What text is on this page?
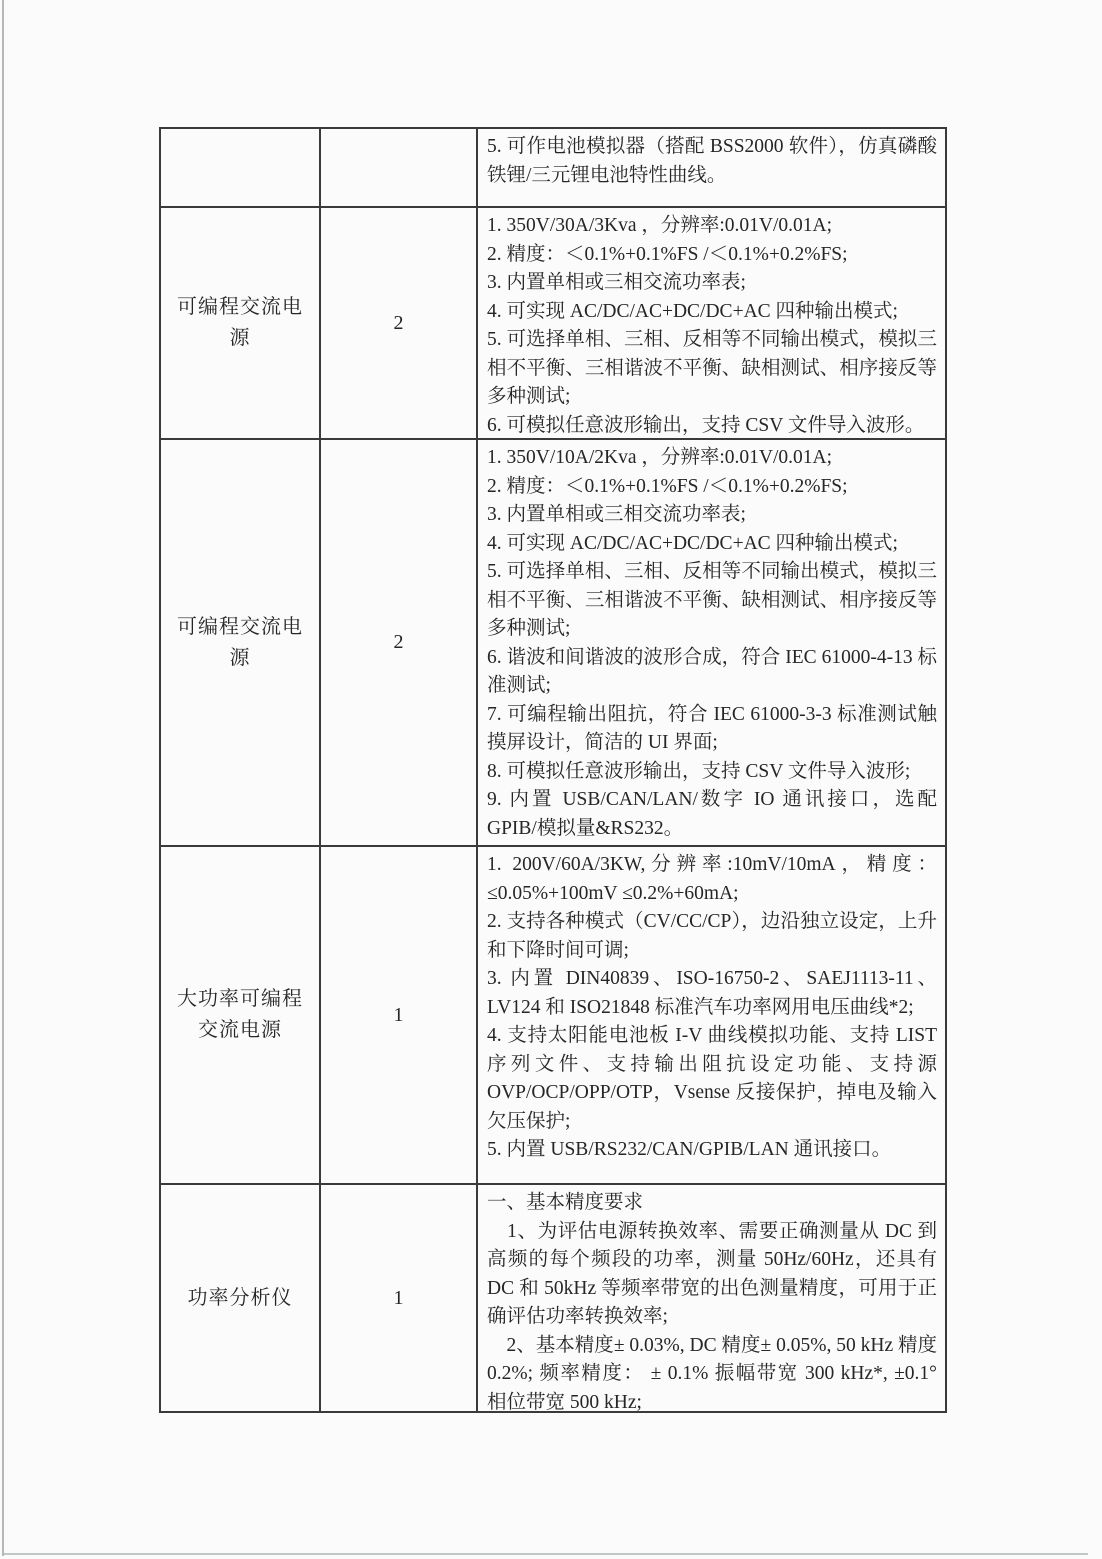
5. 可作电池模拟器（搭配 BSS2000 软件），仿真磷酸铁锂/三元锂电池特性曲线。

可编程交流电源
2

1. 350V/30A/3Kva ，分辨率:0.01V/0.01A;

2. 精度：＜0.1%+0.1%FS /＜0.1%+0.2%FS;

3. 内置单相或三相交流功率表;

4. 可实现 AC/DC/AC+DC/DC+AC 四种输出模式;

5. 可选择单相、三相、反相等不同输出模式，模拟三相不平衡、三相谐波不平衡、缺相测试、相序接反等多种测试;

6. 可模拟任意波形输出，支持 CSV 文件导入波形。

可编程交流电源
2

1. 350V/10A/2Kva ，分辨率:0.01V/0.01A;

2. 精度：＜0.1%+0.1%FS /＜0.1%+0.2%FS;

3. 内置单相或三相交流功率表;

4. 可实现 AC/DC/AC+DC/DC+AC 四种输出模式;

5. 可选择单相、三相、反相等不同输出模式，模拟三相不平衡、三相谐波不平衡、缺相测试、相序接反等多种测试;

6. 谐波和间谐波的波形合成，符合 IEC 61000-4-13 标准测试;

7. 可编程输出阻抗，符合 IEC 61000-3-3 标准测试触摸屏设计，简洁的 UI 界面;

8. 可模拟任意波形输出，支持 CSV 文件导入波形;

9. 内置 USB/CAN/LAN/数字 IO 通讯接口，选配 GPIB/模拟量&RS232。

大功率可编程交流电源
1

1. 200V/60A/3KW,分辨率:10mV/10mA，精度：≤0.05%+100mV ≤0.2%+60mA;

2. 支持各种模式（CV/CC/CP），边沿独立设定，上升和下降时间可调;

3. 内置 DIN40839、ISO-16750-2、SAEJ1113-11、LV124 和 ISO21848 标准汽车功率网用电压曲线*2;

4. 支持太阳能电池板 I-V 曲线模拟功能、支持 LIST 序列文件、支持输出阻抗设定功能、支持源 OVP/OCP/OPP/OTP，Vsense 反接保护，掉电及输入欠压保护;

5. 内置 USB/RS232/CAN/GPIB/LAN 通讯接口。

功率分析仪	1

一、基本精度要求

　1、为评估电源转换效率、需要正确测量从 DC 到高频的每个频段的功率，测量 50Hz/60Hz，还具有 DC 和 50kHz 等频率带宽的出色测量精度，可用于正确评估功率转换效率;

　2、基本精度± 0.03%, DC 精度± 0.05%, 50 kHz 精度 0.2%; 频率精度： ± 0.1% 振幅带宽 300 kHz*, ±0.1° 相位带宽 500 kHz;
